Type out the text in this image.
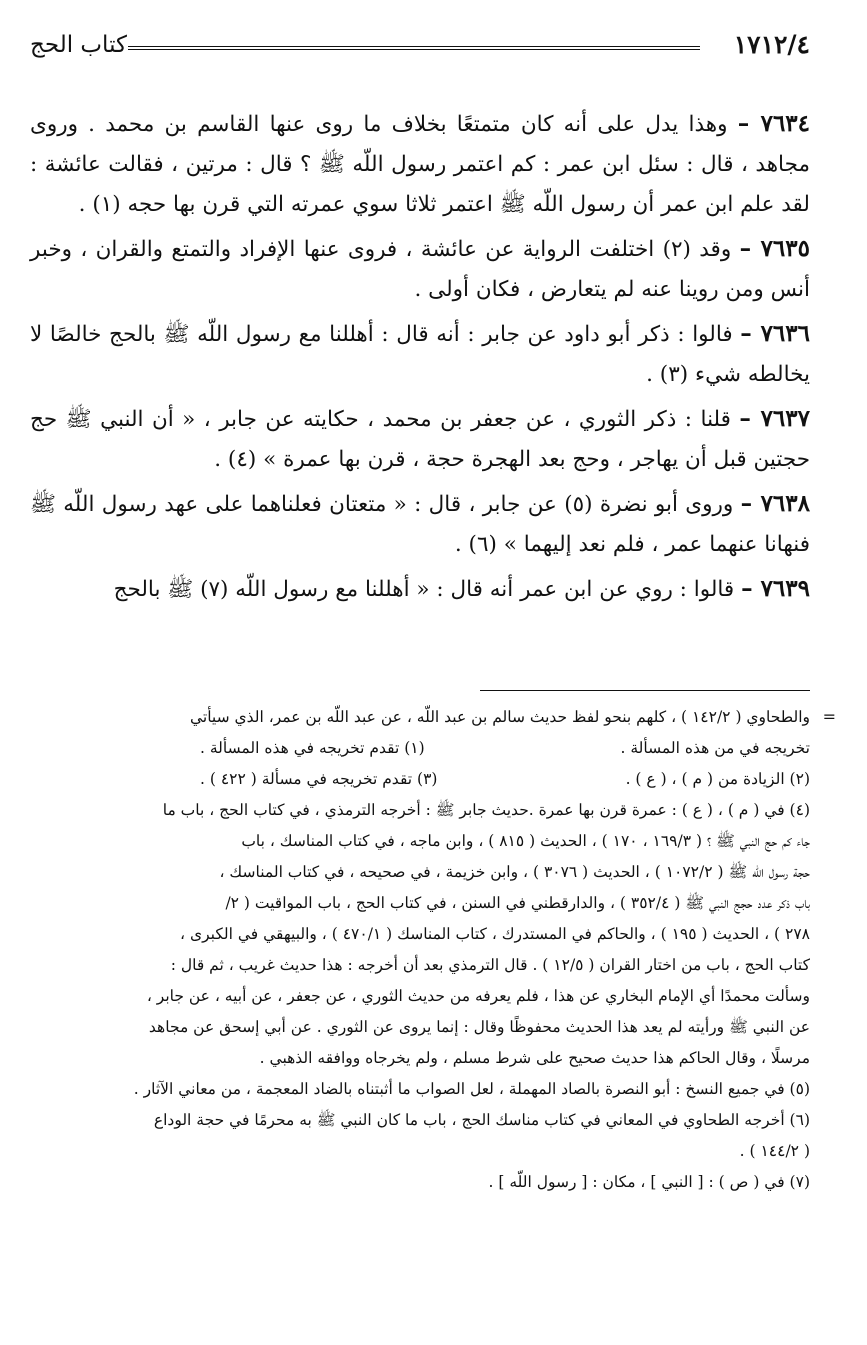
١٧١٢/٤
كتاب الحج

٧٦٣٤ – وهذا يدل على أنه كان متمتعًا بخلاف ما روى عنها القاسم بن محمد . وروى مجاهد ، قال : سئل ابن عمر : كم اعتمر رسول اللّه ﷺ ؟ قال : مرتين ، فقالت عائشة : لقد علم ابن عمر أن رسول اللّه ﷺ اعتمر ثلاثا سوي عمرته التي قرن بها حجه (١) .

٧٦٣٥ – وقد (٢) اختلفت الرواية عن عائشة ، فروى عنها الإفراد والتمتع والقران ، وخبر أنس ومن روينا عنه لم يتعارض ، فكان أولى .

٧٦٣٦ – فالوا : ذكر أبو داود عن جابر : أنه قال : أهللنا مع رسول اللّه ﷺ بالحج خالصًا لا يخالطه شيء (٣) .

٧٦٣٧ – قلنا : ذكر الثوري ، عن جعفر بن محمد ، حكايته عن جابر ، « أن النبي ﷺ حج حجتين قبل أن يهاجر ، وحج بعد الهجرة حجة ، قرن بها عمرة » (٤) .

٧٦٣٨ – وروى أبو نضرة (٥) عن جابر ، قال : « متعتان فعلناهما على عهد رسول اللّه ﷺ فنهانا عنهما عمر ، فلم نعد إليهما » (٦) .

٧٦٣٩ – قالوا : روي عن ابن عمر أنه قال : « أهللنا مع رسول اللّه (٧) ﷺ بالحج

=

والطحاوي ( ١٤٢/٢ ) ، كلهم بنحو لفظ حديث سالم بن عبد اللّه ، عن عبد اللّه بن عمر، الذي سيأتي

تخريجه في من هذه المسألة .
(١) تقدم تخريجه في هذه المسألة .

(٢) الزيادة من ( م ) ، ( ع ) .
(٣) تقدم تخريجه في مسألة ( ٤٢٢ ) .

(٤) في ( م ) ، ( ع ) : عمرة قرن بها عمرة .حديث جابر ﷺ : أخرجه الترمذي ، في كتاب الحج ، باب ما

جاء كم حج النبي ﷺ ؟ ( ١٦٩/٣ ، ١٧٠ ) ، الحديث ( ٨١٥ ) ، وابن ماجه ، في كتاب المناسك ، باب

حجة رسول اللّه ﷺ ( ١٠٧٢/٢ ) ، الحديث ( ٣٠٧٦ ) ، وابن خزيمة ، في صحيحه ، في كتاب المناسك ،

باب ذكر عدد حجج النبي ﷺ ( ٣٥٢/٤ ) ، والدارقطني في السنن ، في كتاب الحج ، باب المواقيت ( ٢/

٢٧٨ ) ، الحديث ( ١٩٥ ) ، والحاكم في المستدرك ، كتاب المناسك ( ٤٧٠/١ ) ، والبيهقي في الكبرى ،

كتاب الحج ، باب من اختار القران ( ١٢/٥ ) . قال الترمذي بعد أن أخرجه : هذا حديث غريب ، ثم قال :

وسألت محمدًا أي الإمام البخاري عن هذا ، فلم يعرفه من حديث الثوري ، عن جعفر ، عن أبيه ، عن جابر ،

عن النبي ﷺ ورأيته لم يعد هذا الحديث محفوظًا وقال : إنما يروى عن الثوري . عن أبي إسحق عن مجاهد

مرسلًا ، وقال الحاكم هذا حديث صحيح على شرط مسلم ، ولم يخرجاه ووافقه الذهبي .

(٥) في جميع النسخ : أبو النصرة بالصاد المهملة ، لعل الصواب ما أثبتناه بالضاد المعجمة ، من معاني الآثار .

(٦) أخرجه الطحاوي في المعاني في كتاب مناسك الحج ، باب ما كان النبي ﷺ به محرمًا في حجة الوداع

( ١٤٤/٢ ) .

(٧) في ( ص ) : [ النبي ] ، مكان : [ رسول اللّه ] .
